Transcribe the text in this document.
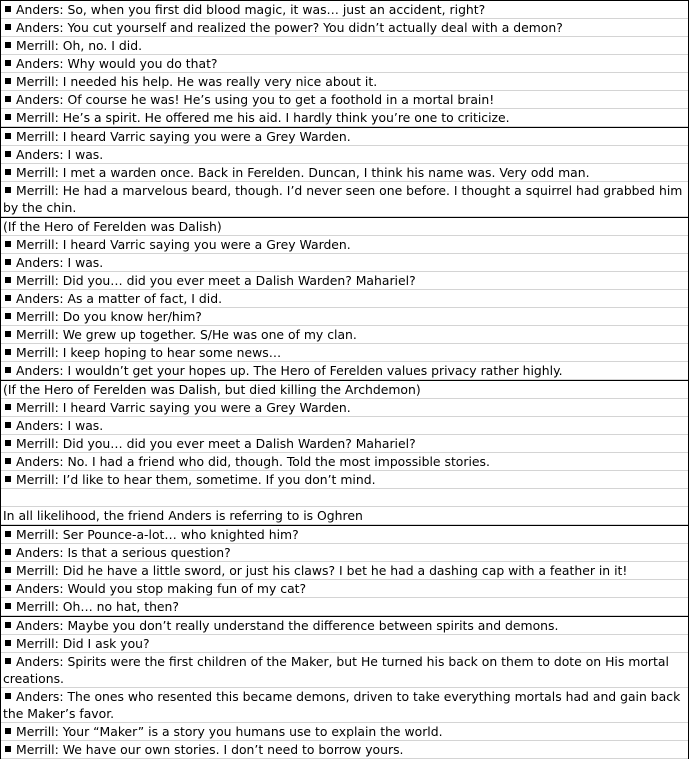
Anders: So, when you first did blood magic, it was… just an accident, right?
Anders: You cut yourself and realized the power? You didn’t actually deal with a demon?
Merrill: Oh, no. I did.
Anders: Why would you do that?
Merrill: I needed his help. He was really very nice about it.
Anders: Of course he was! He’s using you to get a foothold in a mortal brain!
Merrill: He’s a spirit. He offered me his aid. I hardly think you’re one to criticize.
Merrill: I heard Varric saying you were a Grey Warden.
Anders: I was.
Merrill: I met a warden once. Back in Ferelden. Duncan, I think his name was. Very odd man.
Merrill: He had a marvelous beard, though. I’d never seen one before. I thought a squirrel had grabbed him by the chin.
(If the Hero of Ferelden was Dalish)
Merrill: I heard Varric saying you were a Grey Warden.
Anders: I was.
Merrill: Did you… did you ever meet a Dalish Warden? Mahariel?
Anders: As a matter of fact, I did.
Merrill: Do you know her/him?
Merrill: We grew up together. S/He was one of my clan.
Merrill: I keep hoping to hear some news…
Anders: I wouldn’t get your hopes up. The Hero of Ferelden values privacy rather highly.
(If the Hero of Ferelden was Dalish, but died killing the Archdemon)
Merrill: I heard Varric saying you were a Grey Warden.
Anders: I was.
Merrill: Did you… did you ever meet a Dalish Warden? Mahariel?
Anders: No. I had a friend who did, though. Told the most impossible stories.
Merrill: I’d like to hear them, sometime. If you don’t mind.
In all likelihood, the friend Anders is referring to is Oghren
Merrill: Ser Pounce-a-lot… who knighted him?
Anders: Is that a serious question?
Merrill: Did he have a little sword, or just his claws? I bet he had a dashing cap with a feather in it!
Anders: Would you stop making fun of my cat?
Merrill: Oh… no hat, then?
Anders: Maybe you don’t really understand the difference between spirits and demons.
Merrill: Did I ask you?
Anders: Spirits were the first children of the Maker, but He turned his back on them to dote on His mortal creations.
Anders: The ones who resented this became demons, driven to take everything mortals had and gain back the Maker’s favor.
Merrill: Your “Maker” is a story you humans use to explain the world.
Merrill: We have our own stories. I don’t need to borrow yours.
